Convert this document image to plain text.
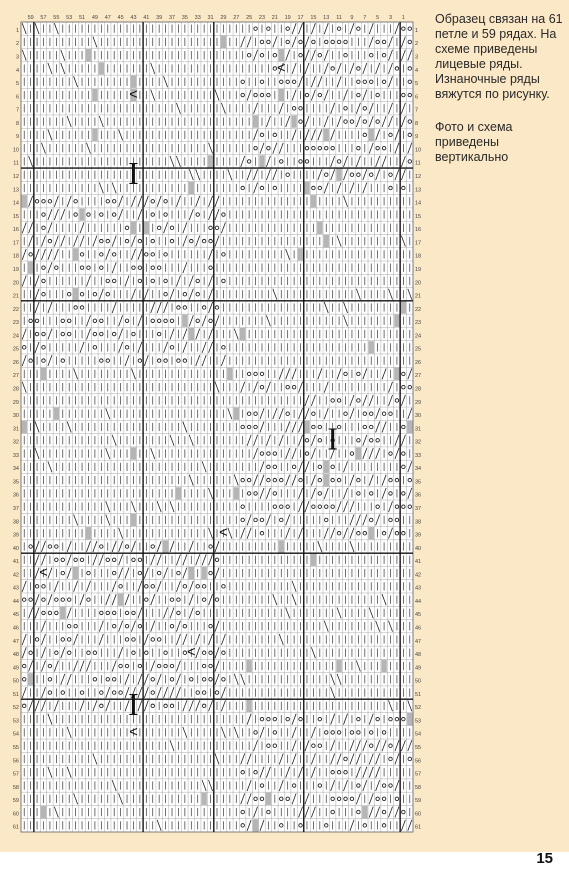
<
<
<
<
<
<
I
I
I
59 57 55 53 51 49 47 45 43 41 39 37 35 33 31 29 27 25 23 21 19 17 15 13 11 9 7 5 3 1
1	1
2	2
3	3
4	4
5	5
6	6
7	7
8	8
9	9
10	10
11	11
12	12
13	13
14	14
15	15
16	16
17	17
18	18
19	19
20	20
21	21
22	22
23	23
24	24
25	25
26	26
27	27
28	28
29	29
30	30
31	31
32	32
33	33
34	34
35	35
36	36
37	37
38	38
39	39
40	40
41	41
42	42
43	43
44	44
45	45
46	46
47	47
48	48
49	49
50	50
51	51
52	52
53	53
54	54
55	55
56	56
57	57
58	58
59	59
60	60
61	61

Образец связан на 61 петле и 59 рядах. На схеме приведены лицевые ряды. Изнаночные ряды вяжутся по рисунку.

Фото и схема приведены вертикально

15
